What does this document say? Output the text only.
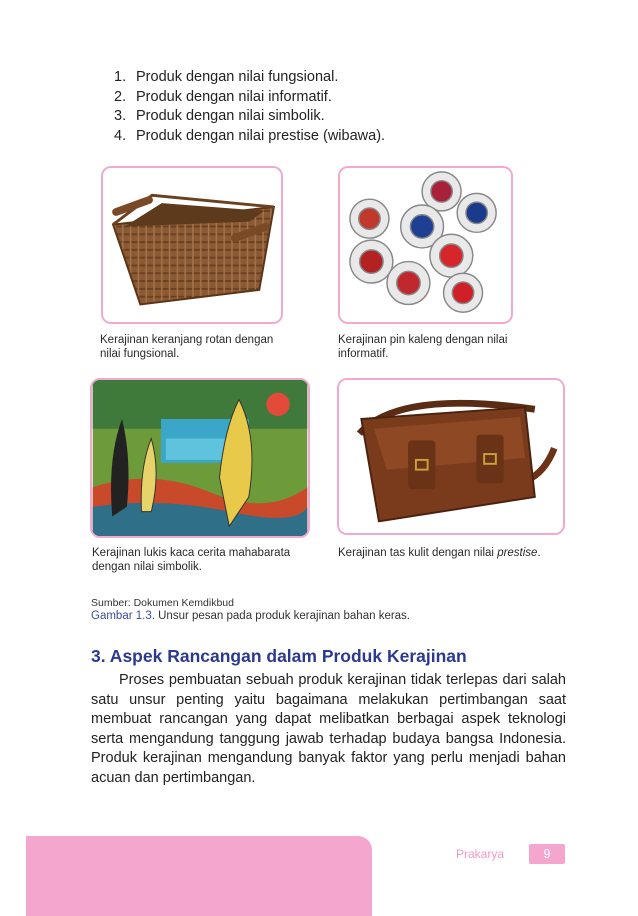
1. Produk dengan nilai fungsional.
2. Produk dengan nilai informatif.
3. Produk dengan nilai simbolik.
4. Produk dengan nilai prestise (wibawa).
Kerajinan keranjang rotan dengan nilai fungsional.
Kerajinan pin kaleng dengan nilai informatif.
Kerajinan lukis kaca cerita mahabarata dengan nilai simbolik.
Kerajinan tas kulit dengan nilai prestise.
Sumber: Dokumen Kemdikbud
Gambar 1.3. Unsur pesan pada produk kerajinan bahan keras.
3. Aspek Rancangan dalam Produk Kerajinan

Proses pembuatan sebuah produk kerajinan tidak terlepas dari salah satu unsur penting yaitu bagaimana melakukan pertimbangan saat membuat rancangan yang dapat melibatkan berbagai aspek teknologi serta mengandung tanggung jawab terhadap budaya bangsa Indonesia. Produk kerajinan mengandung banyak faktor yang perlu menjadi bahan acuan dan pertimbangan.

Prakarya	9
